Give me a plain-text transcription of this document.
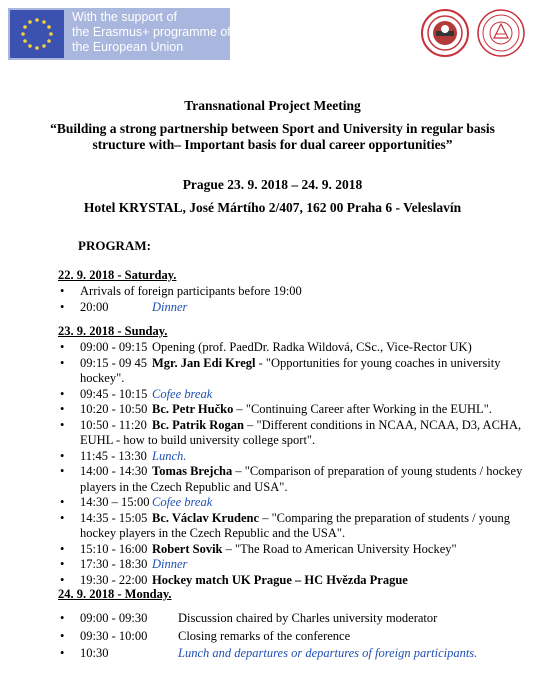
With the support of
the Erasmus+ programme of
the European Union
Transnational Project Meeting
“Building a strong partnership between Sport and University in regular basis
structure with– Important basis for dual career opportunities”
Prague 23. 9. 2018 – 24. 9. 2018
Hotel KRYSTAL, José Mártího 2/407, 162 00 Praha 6 - Veleslavín
PROGRAM:
22. 9. 2018 - Saturday.
• Arrivals of foreign participants before 19:00
• 20:00	Dinner
23. 9. 2018 - Sunday.
• 09:00 - 09:15 Opening (prof. PaedDr. Radka Wildová, CSc., Vice-Rector UK)
• 09:15 - 09 45 Mgr. Jan Edi Kregl - "Opportunities for young coaches in university hockey".
• 09:45 - 10:15 Cofee break
• 10:20 - 10:50 Bc. Petr Hučko – "Continuing Career after Working in the EUHL".
• 10:50 - 11:20 Bc. Patrik Rogan – "Different conditions in NCAA, NCAA, D3, ACHA, EUHL - how to build university college sport".
• 11:45 - 13:30 Lunch.
• 14:00 - 14:30 Tomas Brejcha – "Comparison of preparation of young students / hockey players in the Czech Republic and USA".
• 14:30 – 15:00 Cofee break
• 14:35 - 15:05 Bc. Václav Krudenc – "Comparing the preparation of students / young hockey players in the Czech Republic and the USA".
• 15:10 - 16:00 Robert Sovik – "The Road to American University Hockey"
• 17:30 - 18:30 Dinner
• 19:30 - 22:00 Hockey match UK Prague – HC Hvězda Prague
24. 9. 2018 - Monday.
• 09:00 - 09:30 Discussion chaired by Charles university moderator
• 09:30 - 10:00 Closing remarks of the conference
• 10:30	Lunch and departures or departures of foreign participants.
